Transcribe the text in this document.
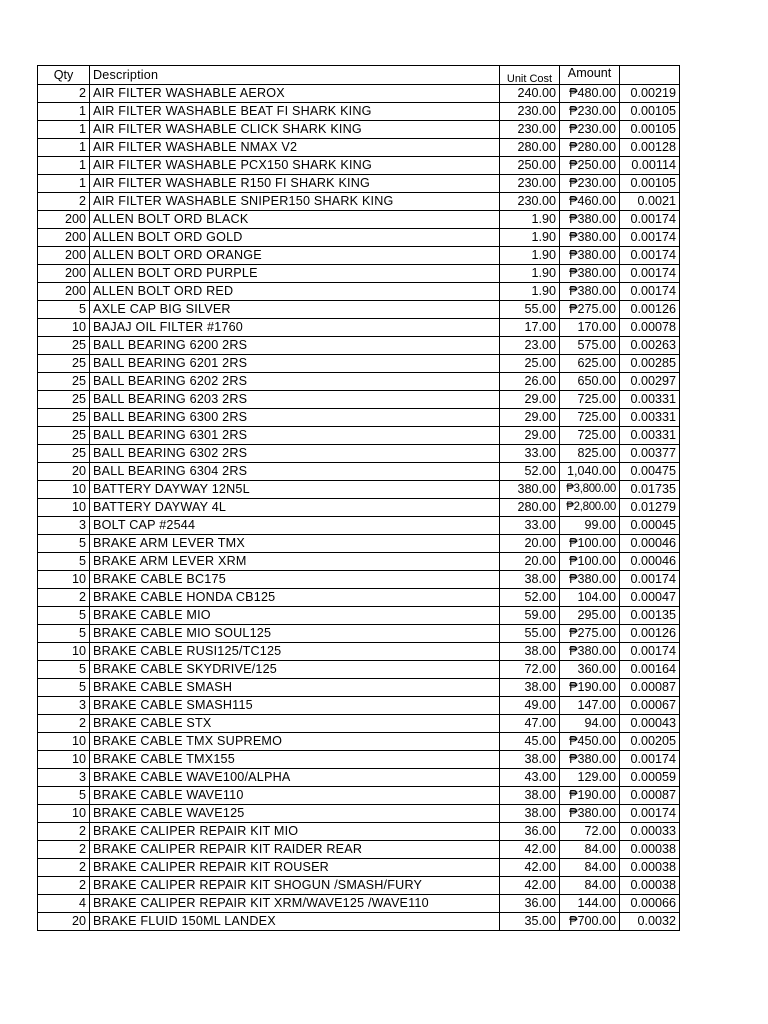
Qty	Description	Unit Cost	Amount	
2	AIR FILTER WASHABLE AEROX	240.00	₱480.00	0.00219
1	AIR FILTER WASHABLE BEAT FI SHARK KING	230.00	₱230.00	0.00105
1	AIR FILTER WASHABLE CLICK SHARK KING	230.00	₱230.00	0.00105
1	AIR FILTER WASHABLE NMAX V2	280.00	₱280.00	0.00128
1	AIR FILTER WASHABLE PCX150 SHARK KING	250.00	₱250.00	0.00114
1	AIR FILTER WASHABLE R150 FI SHARK KING	230.00	₱230.00	0.00105
2	AIR FILTER WASHABLE SNIPER150 SHARK KING	230.00	₱460.00	0.0021
200	ALLEN BOLT ORD BLACK	1.90	₱380.00	0.00174
200	ALLEN BOLT ORD GOLD	1.90	₱380.00	0.00174
200	ALLEN BOLT ORD ORANGE	1.90	₱380.00	0.00174
200	ALLEN BOLT ORD PURPLE	1.90	₱380.00	0.00174
200	ALLEN BOLT ORD RED	1.90	₱380.00	0.00174
5	AXLE CAP BIG SILVER	55.00	₱275.00	0.00126
10	BAJAJ OIL FILTER #1760	17.00	170.00	0.00078
25	BALL BEARING 6200 2RS	23.00	575.00	0.00263
25	BALL BEARING 6201 2RS	25.00	625.00	0.00285
25	BALL BEARING 6202 2RS	26.00	650.00	0.00297
25	BALL BEARING 6203 2RS	29.00	725.00	0.00331
25	BALL BEARING 6300 2RS	29.00	725.00	0.00331
25	BALL BEARING 6301 2RS	29.00	725.00	0.00331
25	BALL BEARING 6302 2RS	33.00	825.00	0.00377
20	BALL BEARING 6304 2RS	52.00	1,040.00	0.00475
10	BATTERY DAYWAY 12N5L	380.00	₱3,800.00	0.01735
10	BATTERY DAYWAY 4L	280.00	₱2,800.00	0.01279
3	BOLT CAP #2544	33.00	99.00	0.00045
5	BRAKE ARM LEVER TMX	20.00	₱100.00	0.00046
5	BRAKE ARM LEVER XRM	20.00	₱100.00	0.00046
10	BRAKE CABLE BC175	38.00	₱380.00	0.00174
2	BRAKE CABLE HONDA CB125	52.00	104.00	0.00047
5	BRAKE CABLE MIO	59.00	295.00	0.00135
5	BRAKE CABLE MIO SOUL125	55.00	₱275.00	0.00126
10	BRAKE CABLE RUSI125/TC125	38.00	₱380.00	0.00174
5	BRAKE CABLE SKYDRIVE/125	72.00	360.00	0.00164
5	BRAKE CABLE SMASH	38.00	₱190.00	0.00087
3	BRAKE CABLE SMASH115	49.00	147.00	0.00067
2	BRAKE CABLE STX	47.00	94.00	0.00043
10	BRAKE CABLE TMX SUPREMO	45.00	₱450.00	0.00205
10	BRAKE CABLE TMX155	38.00	₱380.00	0.00174
3	BRAKE CABLE WAVE100/ALPHA	43.00	129.00	0.00059
5	BRAKE CABLE WAVE110	38.00	₱190.00	0.00087
10	BRAKE CABLE WAVE125	38.00	₱380.00	0.00174
2	BRAKE CALIPER REPAIR KIT MIO	36.00	72.00	0.00033
2	BRAKE CALIPER REPAIR KIT RAIDER REAR	42.00	84.00	0.00038
2	BRAKE CALIPER REPAIR KIT ROUSER	42.00	84.00	0.00038
2	BRAKE CALIPER REPAIR KIT SHOGUN /SMASH/FURY	42.00	84.00	0.00038
4	BRAKE CALIPER REPAIR KIT XRM/WAVE125 /WAVE110	36.00	144.00	0.00066
20	BRAKE FLUID 150ML LANDEX	35.00	₱700.00	0.0032
